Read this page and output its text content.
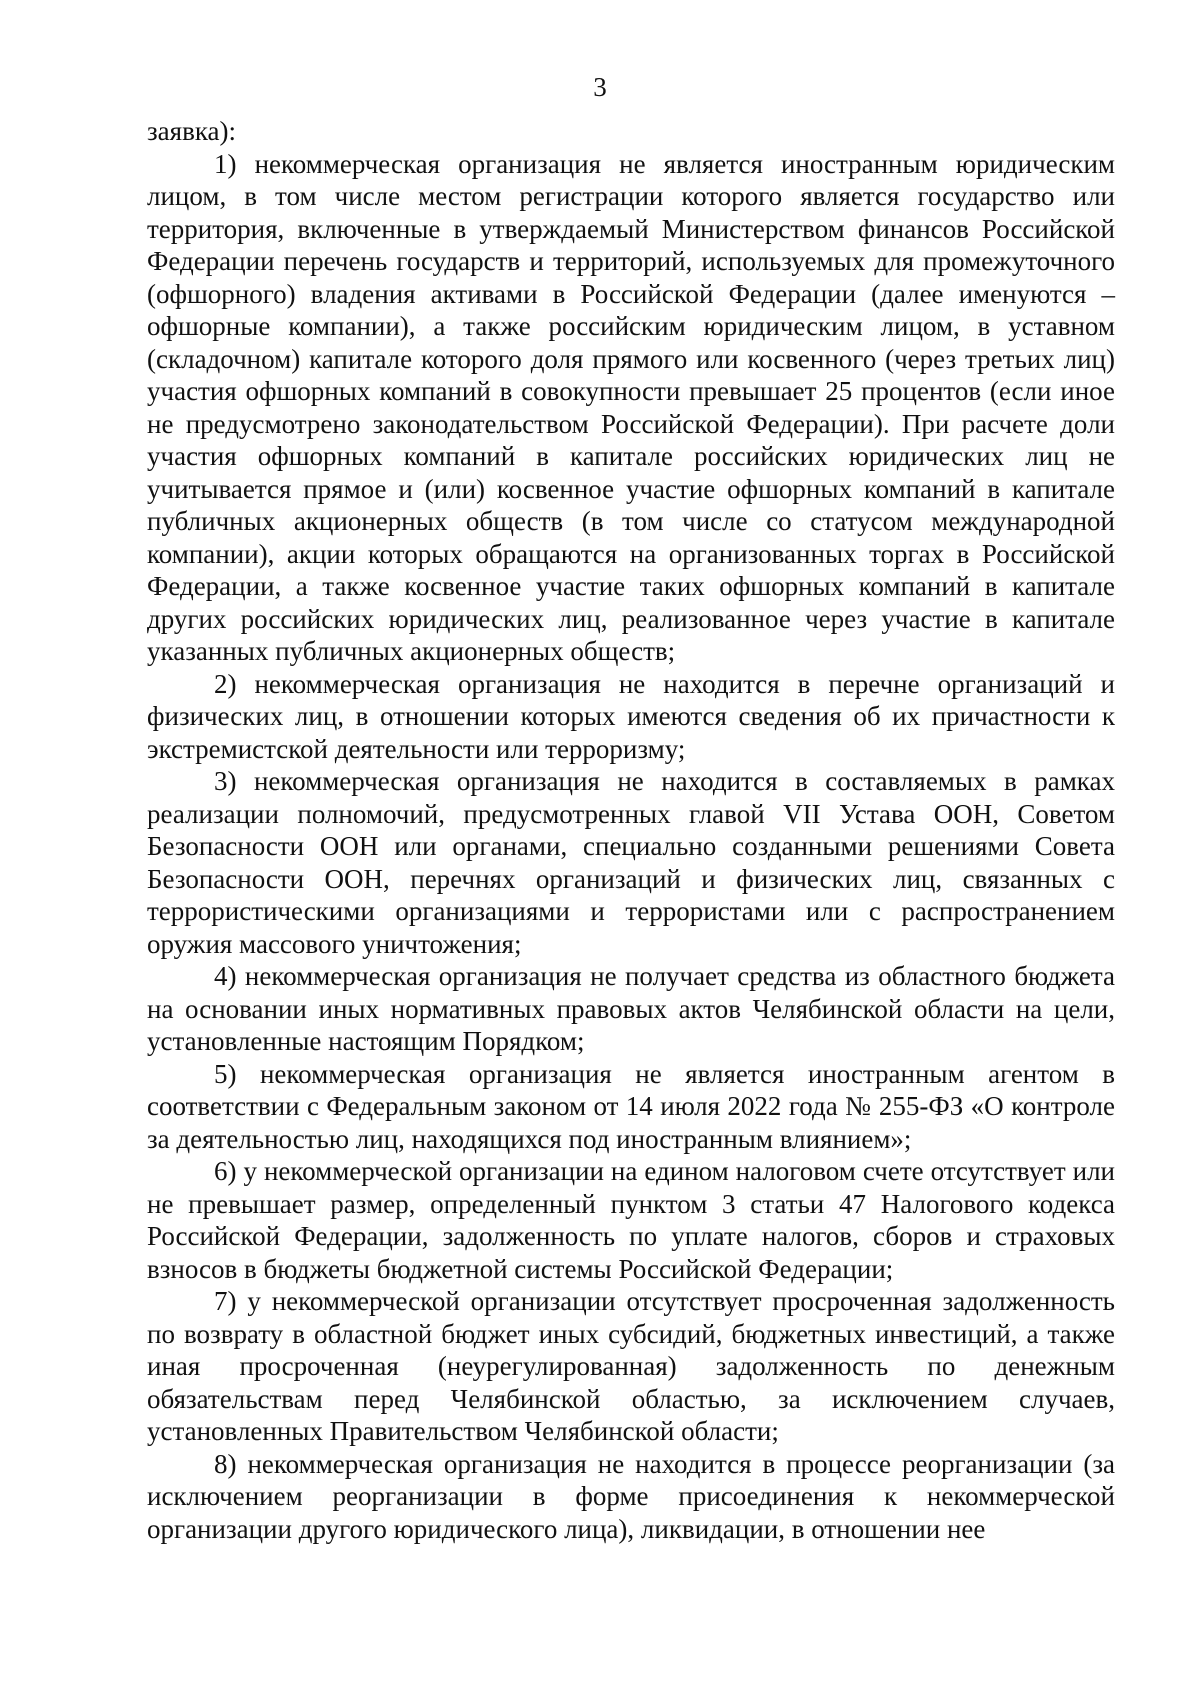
3

заявка):

1) некоммерческая организация не является иностранным юридическим лицом, в том числе местом регистрации которого является государство или территория, включенные в утверждаемый Министерством финансов Российской Федерации перечень государств и территорий, используемых для промежуточного (офшорного) владения активами в Российской Федерации (далее именуются – офшорные компании), а также российским юридическим лицом, в уставном (складочном) капитале которого доля прямого или косвенного (через третьих лиц) участия офшорных компаний в совокупности превышает 25 процентов (если иное не предусмотрено законодательством Российской Федерации). При расчете доли участия офшорных компаний в капитале российских юридических лиц не учитывается прямое и (или) косвенное участие офшорных компаний в капитале публичных акционерных обществ (в том числе со статусом международной компании), акции которых обращаются на организованных торгах в Российской Федерации, а также косвенное участие таких офшорных компаний в капитале других российских юридических лиц, реализованное через участие в капитале указанных публичных акционерных обществ;

2) некоммерческая организация не находится в перечне организаций и физических лиц, в отношении которых имеются сведения об их причастности к экстремистской деятельности или терроризму;

3) некоммерческая организация не находится в составляемых в рамках реализации полномочий, предусмотренных главой VII Устава ООН, Советом Безопасности ООН или органами, специально созданными решениями Совета Безопасности ООН, перечнях организаций и физических лиц, связанных с террористическими организациями и террористами или с распространением оружия массового уничтожения;

4) некоммерческая организация не получает средства из областного бюджета на основании иных нормативных правовых актов Челябинской области на цели, установленные настоящим Порядком;

5) некоммерческая организация не является иностранным агентом в соответствии с Федеральным законом от 14 июля 2022 года № 255-ФЗ «О контроле за деятельностью лиц, находящихся под иностранным влиянием»;

6) у некоммерческой организации на едином налоговом счете отсутствует или не превышает размер, определенный пунктом 3 статьи 47 Налогового кодекса Российской Федерации, задолженность по уплате налогов, сборов и страховых взносов в бюджеты бюджетной системы Российской Федерации;

7) у некоммерческой организации отсутствует просроченная задолженность по возврату в областной бюджет иных субсидий, бюджетных инвестиций, а также иная просроченная (неурегулированная) задолженность по денежным обязательствам перед Челябинской областью, за исключением случаев, установленных Правительством Челябинской области;

8) некоммерческая организация не находится в процессе реорганизации (за исключением реорганизации в форме присоединения к некоммерческой организации другого юридического лица), ликвидации, в отношении нее
